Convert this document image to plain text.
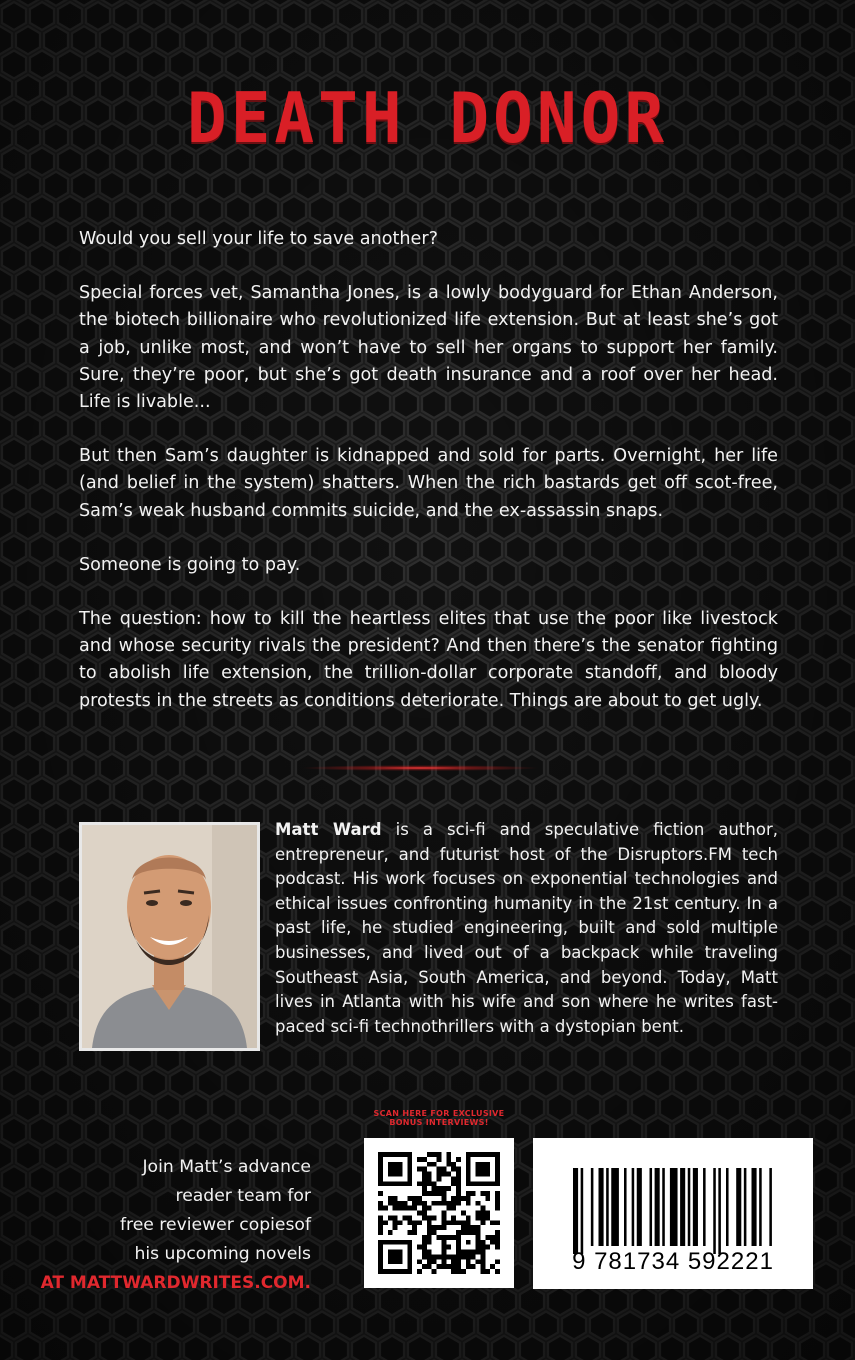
DEATH DONOR

Would you sell your life to save another?

Special forces vet, Samantha Jones, is a lowly bodyguard for Ethan Anderson, the biotech billionaire who revolutionized life extension. But at least she’s got a job, unlike most, and won’t have to sell her organs to support her family. Sure, they’re poor, but she’s got death insurance and a roof over her head. Life is livable...

But then Sam’s daughter is kidnapped and sold for parts. Overnight, her life (and belief in the system) shatters. When the rich bastards get off scot-free, Sam’s weak husband commits suicide, and the ex-assassin snaps.

Someone is going to pay.

The question: how to kill the heartless elites that use the poor like livestock and whose security rivals the president? And then there’s the senator fighting to abolish life extension, the trillion-dollar corporate standoff, and bloody protests in the streets as conditions deteriorate. Things are about to get ugly.

Matt Ward is a sci-fi and speculative fiction author, entrepreneur, and futurist host of the Disruptors.FM tech podcast. His work focuses on exponential technologies and ethical issues confronting humanity in the 21st century. In a past life, he studied engineering, built and sold multiple businesses, and lived out of a backpack while traveling Southeast Asia, South America, and beyond. Today, Matt lives in Atlanta with his wife and son where he writes fast-paced sci-fi technothrillers with a dystopian bent.
Join Matt’s advance
reader team for
free reviewer copiesof
his upcoming novels
AT MATTWARDWRITES.COM.
SCAN HERE FOR EXCLUSIVE
BONUS INTERVIEWS!
9 781734 592221
